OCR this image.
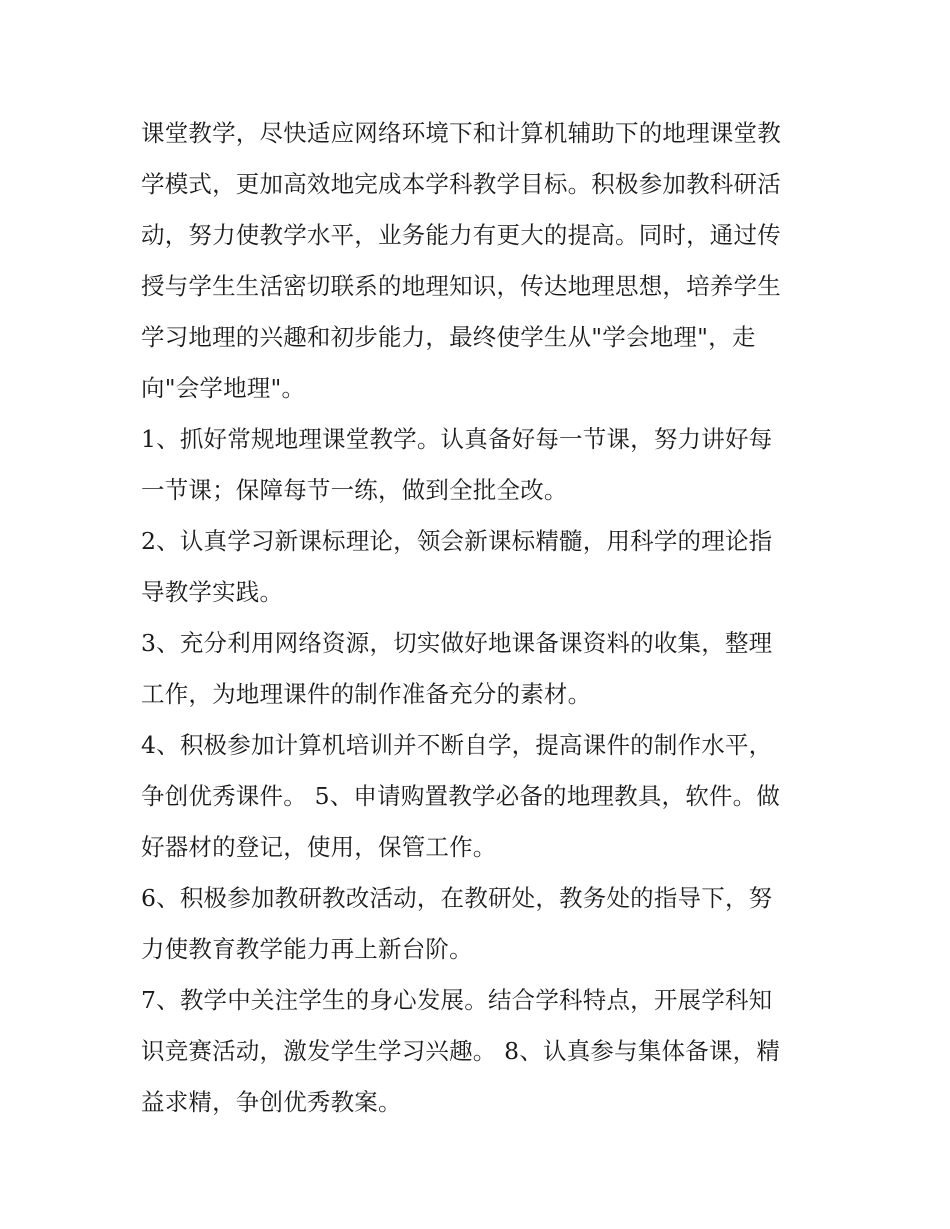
课堂教学，尽快适应网络环境下和计算机辅助下的地理课堂教
学模式，更加高效地完成本学科教学目标。积极参加教科研活
动，努力使教学水平，业务能力有更大的提高。同时，通过传
授与学生生活密切联系的地理知识，传达地理思想，培养学生
学习地理的兴趣和初步能力，最终使学生从"学会地理"，走
向"会学地理"。
1、抓好常规地理课堂教学。认真备好每一节课，努力讲好每
一节课；保障每节一练，做到全批全改。
2、认真学习新课标理论，领会新课标精髓，用科学的理论指
导教学实践。
3、充分利用网络资源，切实做好地课备课资料的收集，整理
工作，为地理课件的制作准备充分的素材。
4、积极参加计算机培训并不断自学，提高课件的制作水平，
争创优秀课件。 5、申请购置教学必备的地理教具，软件。做
好器材的登记，使用，保管工作。
6、积极参加教研教改活动，在教研处，教务处的指导下，努
力使教育教学能力再上新台阶。
7、教学中关注学生的身心发展。结合学科特点，开展学科知
识竞赛活动，激发学生学习兴趣。 8、认真参与集体备课，精
益求精，争创优秀教案。
